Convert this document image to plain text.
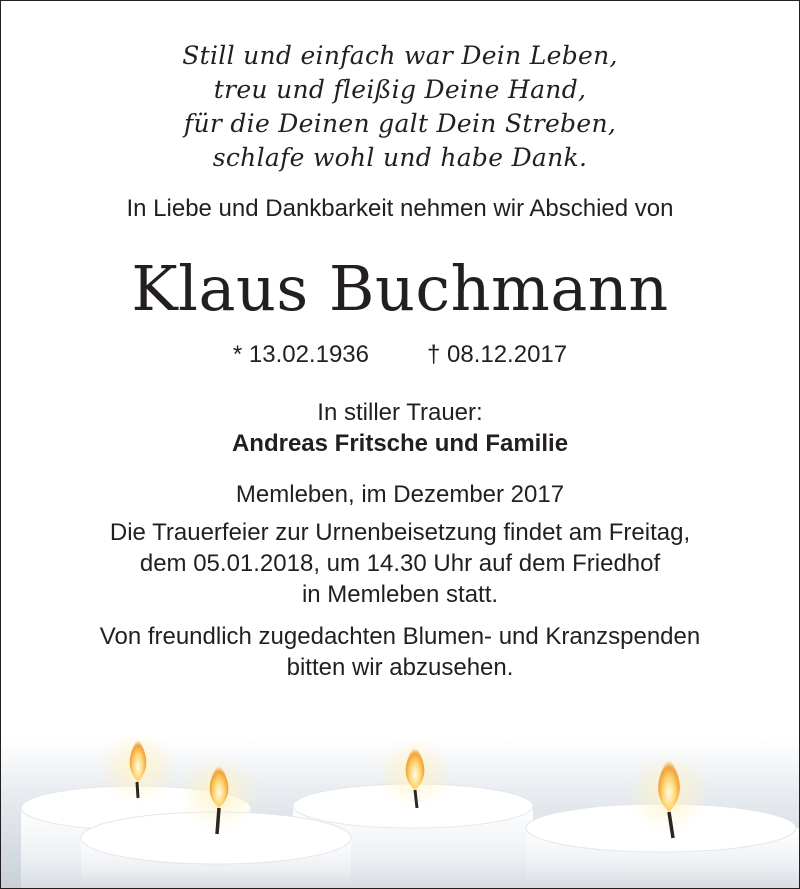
Still und einfach war Dein Leben,
treu und fleißig Deine Hand,
für die Deinen galt Dein Streben,
schlafe wohl und habe Dank.
In Liebe und Dankbarkeit nehmen wir Abschied von
Klaus Buchmann
* 13.02.1936 † 08.12.2017
In stiller Trauer:
Andreas Fritsche und Familie
Memleben, im Dezember 2017
Die Trauerfeier zur Urnenbeisetzung findet am Freitag,
dem 05.01.2018, um 14.30 Uhr auf dem Friedhof
in Memleben statt.
Von freundlich zugedachten Blumen- und Kranzspenden
bitten wir abzusehen.
